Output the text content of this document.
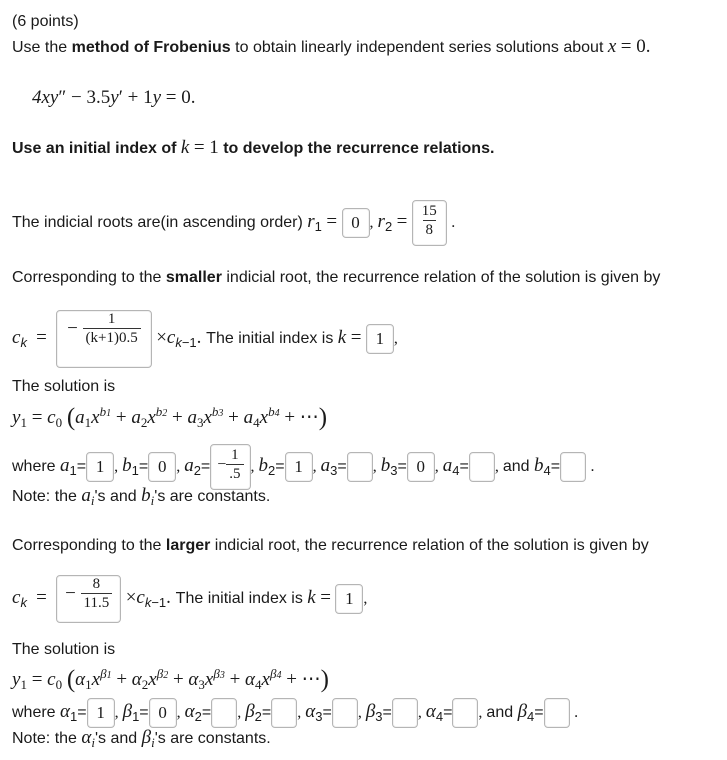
(6 points)
Use the method of Frobenius to obtain linearly independent series solutions about x = 0.
4xy″ − 3.5y′ + 1y = 0.
Use an initial index of k = 1 to develop the recurrence relations.
The indicial roots are(in ascending order) $r_1 = 0$ , $r_2 = \frac{15}{8}$ .
Corresponding to the smaller indicial root, the recurrence relation of the solution is given by
$c_k$  =  − $\frac{1}{(k+1)0.5} \times c_{k-1}$. The initial index is k = 1 ,
The solution is
$y_1 = c_0$ ($a_1x^{b1} + a_2x^{b2} + a_3x^{b3} + a_4x^{b4}$ + ⋯)
where $a_1= 1$ , $b_1= 0$ , $a_2= - \frac{1}{.5}$ , $b_2= 1$ , $a_3=$ , $b_3= 0$ , $a_4=$ , and $b_4=$ .
Note: the $a_i's$ and $b_i's$ are constants.
Corresponding to the larger indicial root, the recurrence relation of the solution is given by
$c_k$  =  − $\frac{8}{11.5} \times c_{k-1}$. The initial index is k = 1 ,
The solution is
$y_1 = c_0$ ($\alpha_1x^{\beta 1} + \alpha_2x^{\beta 2} + \alpha_3x^{\beta 3} + \alpha_4x^{\beta 4}$ + ⋯)
where $\alpha_1= 1$ , $\beta_1= 0$ , $\alpha_2=$ , $\beta_2=$ , $\alpha_3=$ , $\beta_3=$ , $\alpha_4=$ , and $\beta_4=$ .
Note: the $\alpha_i's$ and $\beta_i's$ are constants.
